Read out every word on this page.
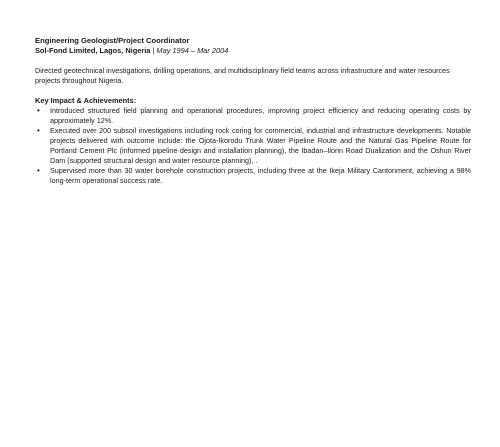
Engineering Geologist/Project Coordinator

Sol-Fond Limited, Lagos, Nigeria | May 1994 – Mar 2004

Directed geotechnical investigations, drilling operations, and multidisciplinary field teams across infrastructure and water resources projects throughout Nigeria.

Key Impact & Achievements:

• Introduced structured field planning and operational procedures, improving project efficiency and reducing operating costs by approximately 12%.
• Executed over 200 subsoil investigations including rock coring for commercial, industrial and infrastructure developments. Notable projects delivered with outcome include: the Ojota-Ikorodu Trunk Water Pipeline Route and the Natural Gas Pipeline Route for Portland Cement Plc (informed pipeline design and installation planning), the Ibadan–Ilorin Road Dualization and the Oshun River Dam (supported structural design and water resource planning), .
• Supervised more than 30 water borehole construction projects, including three at the Ikeja Military Cantonment, achieving a 98% long-term operational success rate.
